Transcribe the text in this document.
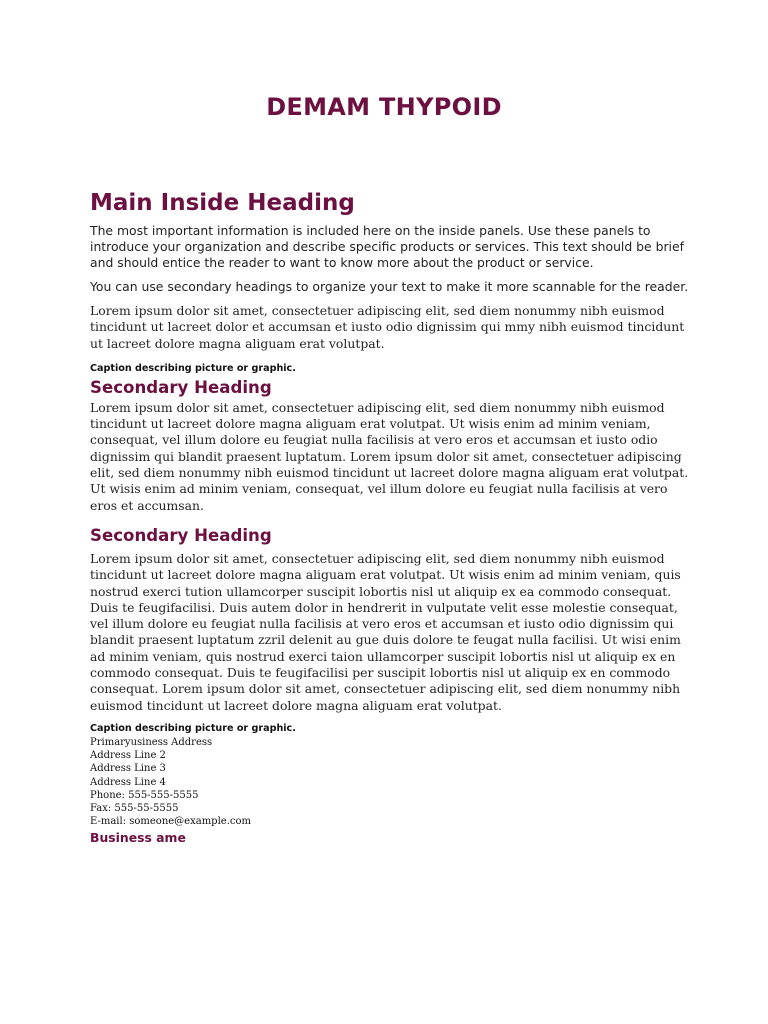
DEMAM THYPOID
Main Inside Heading

The most important information is included here on the inside panels. Use these panels to introduce your organization and describe specific products or services. This text should be brief and should entice the reader to want to know more about the product or service.

You can use secondary headings to organize your text to make it more scannable for the reader.

Lorem ipsum dolor sit amet, consectetuer adipiscing elit, sed diem nonummy nibh euismod tincidunt ut lacreet dolor et accumsan et iusto odio dignissim qui mmy nibh euismod tincidunt ut lacreet dolore magna aliguam erat volutpat.

Caption describing picture or graphic.

Secondary Heading

Lorem ipsum dolor sit amet, consectetuer adipiscing elit, sed diem nonummy nibh euismod tincidunt ut lacreet dolore magna aliguam erat volutpat. Ut wisis enim ad minim veniam, consequat, vel illum dolore eu feugiat nulla facilisis at vero eros et accumsan et iusto odio dignissim qui blandit praesent luptatum. Lorem ipsum dolor sit amet, consectetuer adipiscing elit, sed diem nonummy nibh euismod tincidunt ut lacreet dolore magna aliguam erat volutpat. Ut wisis enim ad minim veniam, consequat, vel illum dolore eu feugiat nulla facilisis at vero eros et accumsan.

Secondary Heading

Lorem ipsum dolor sit amet, consectetuer adipiscing elit, sed diem nonummy nibh euismod tincidunt ut lacreet dolore magna aliguam erat volutpat. Ut wisis enim ad minim veniam, quis nostrud exerci tution ullamcorper suscipit lobortis nisl ut aliquip ex ea commodo consequat. Duis te feugifacilisi. Duis autem dolor in hendrerit in vulputate velit esse molestie consequat, vel illum dolore eu feugiat nulla facilisis at vero eros et accumsan et iusto odio dignissim qui blandit praesent luptatum zzril delenit au gue duis dolore te feugat nulla facilisi. Ut wisi enim ad minim veniam, quis nostrud exerci taion ullamcorper suscipit lobortis nisl ut aliquip ex en commodo consequat. Duis te feugifacilisi per suscipit lobortis nisl ut aliquip ex en commodo consequat. Lorem ipsum dolor sit amet, consectetuer adipiscing elit, sed diem nonummy nibh euismod tincidunt ut lacreet dolore magna aliguam erat volutpat.

Caption describing picture or graphic.

Primaryusiness Address

Address Line 2

Address Line 3

Address Line 4

Phone: 555-555-5555

Fax: 555-55-5555

E-mail: someone@example.com

Business ame
